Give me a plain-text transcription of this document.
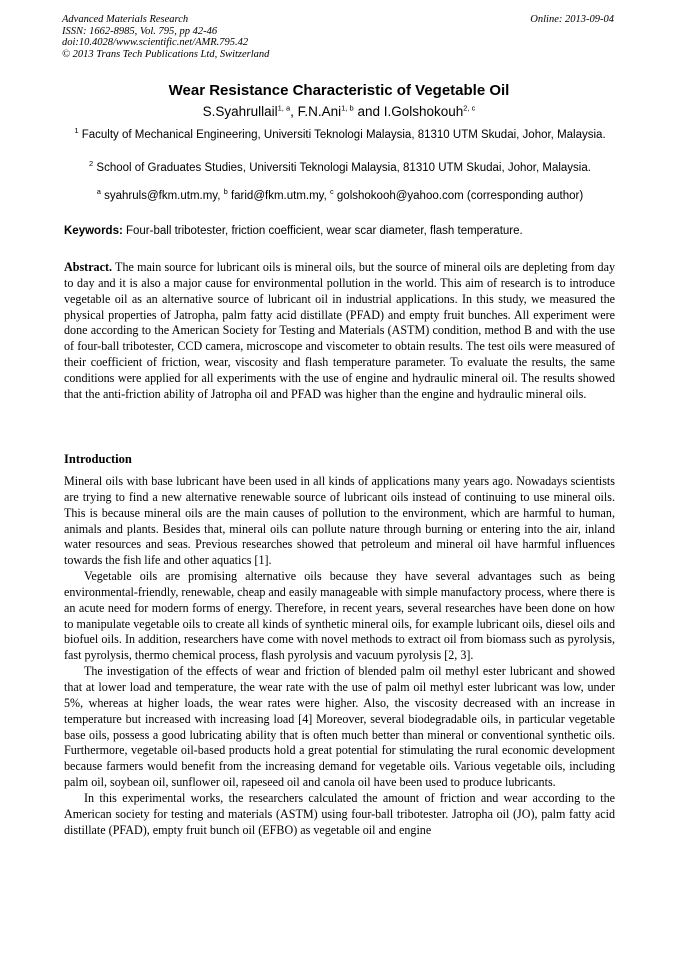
Advanced Materials Research
ISSN: 1662-8985, Vol. 795, pp 42-46
doi:10.4028/www.scientific.net/AMR.795.42
© 2013 Trans Tech Publications Ltd, Switzerland
Online: 2013-09-04
Wear Resistance Characteristic of Vegetable Oil
S.Syahrullail$^{1, a}$, F.N.Ani$^{1, b}$ and I.Golshokouh$^{2, c}$
$^1$ Faculty of Mechanical Engineering, Universiti Teknologi Malaysia, 81310 UTM Skudai, Johor, Malaysia.
$^2$ School of Graduates Studies, Universiti Teknologi Malaysia, 81310 UTM Skudai, Johor, Malaysia.
$^a$ syahruls@fkm.utm.my, $^b$ farid@fkm.utm.my, $^c$ golshokooh@yahoo.com (corresponding author)
Keywords: Four-ball tribotester, friction coefficient, wear scar diameter, flash temperature.
Abstract. The main source for lubricant oils is mineral oils, but the source of mineral oils are depleting from day to day and it is also a major cause for environmental pollution in the world. This aim of research is to introduce vegetable oil as an alternative source of lubricant oil in industrial applications. In this study, we measured the physical properties of Jatropha, palm fatty acid distillate (PFAD) and empty fruit bunches. All experiment were done according to the American Society for Testing and Materials (ASTM) condition, method B and with the use of four-ball tribotester, CCD camera, microscope and viscometer to obtain results. The test oils were measured of their coefficient of friction, wear, viscosity and flash temperature parameter. To evaluate the results, the same conditions were applied for all experiments with the use of engine and hydraulic mineral oil. The results showed that the anti-friction ability of Jatropha oil and PFAD was higher than the engine and hydraulic mineral oils.
Introduction

Mineral oils with base lubricant have been used in all kinds of applications many years ago. Nowadays scientists are trying to find a new alternative renewable source of lubricant oils instead of continuing to use mineral oils. This is because mineral oils are the main causes of pollution to the environment, which are harmful to human, animals and plants. Besides that, mineral oils can pollute nature through burning or entering into the air, inland water resources and seas. Previous researches showed that petroleum and mineral oil have harmful influences towards the fish life and other aquatics [1].

Vegetable oils are promising alternative oils because they have several advantages such as being environmental-friendly, renewable, cheap and easily manageable with simple manufactory process, where there is an acute need for modern forms of energy. Therefore, in recent years, several researches have been done on how to manipulate vegetable oils to create all kinds of synthetic mineral oils, for example lubricant oils, diesel oils and biofuel oils. In addition, researchers have come with novel methods to extract oil from biomass such as pyrolysis, fast pyrolysis, thermo chemical process, flash pyrolysis and vacuum pyrolysis [2, 3].

The investigation of the effects of wear and friction of blended palm oil methyl ester lubricant and showed that at lower load and temperature, the wear rate with the use of palm oil methyl ester lubricant was low, under 5%, whereas at higher loads, the wear rates were higher. Also, the viscosity decreased with an increase in temperature but increased with increasing load [4] Moreover, several biodegradable oils, in particular vegetable base oils, possess a good lubricating ability that is often much better than mineral or conventional synthetic oils. Furthermore, vegetable oil-based products hold a great potential for stimulating the rural economic development because farmers would benefit from the increasing demand for vegetable oils. Various vegetable oils, including palm oil, soybean oil, sunflower oil, rapeseed oil and canola oil have been used to produce lubricants.

In this experimental works, the researchers calculated the amount of friction and wear according to the American society for testing and materials (ASTM) using four-ball tribotester. Jatropha oil (JO), palm fatty acid distillate (PFAD), empty fruit bunch oil (EFBO) as vegetable oil and engine
